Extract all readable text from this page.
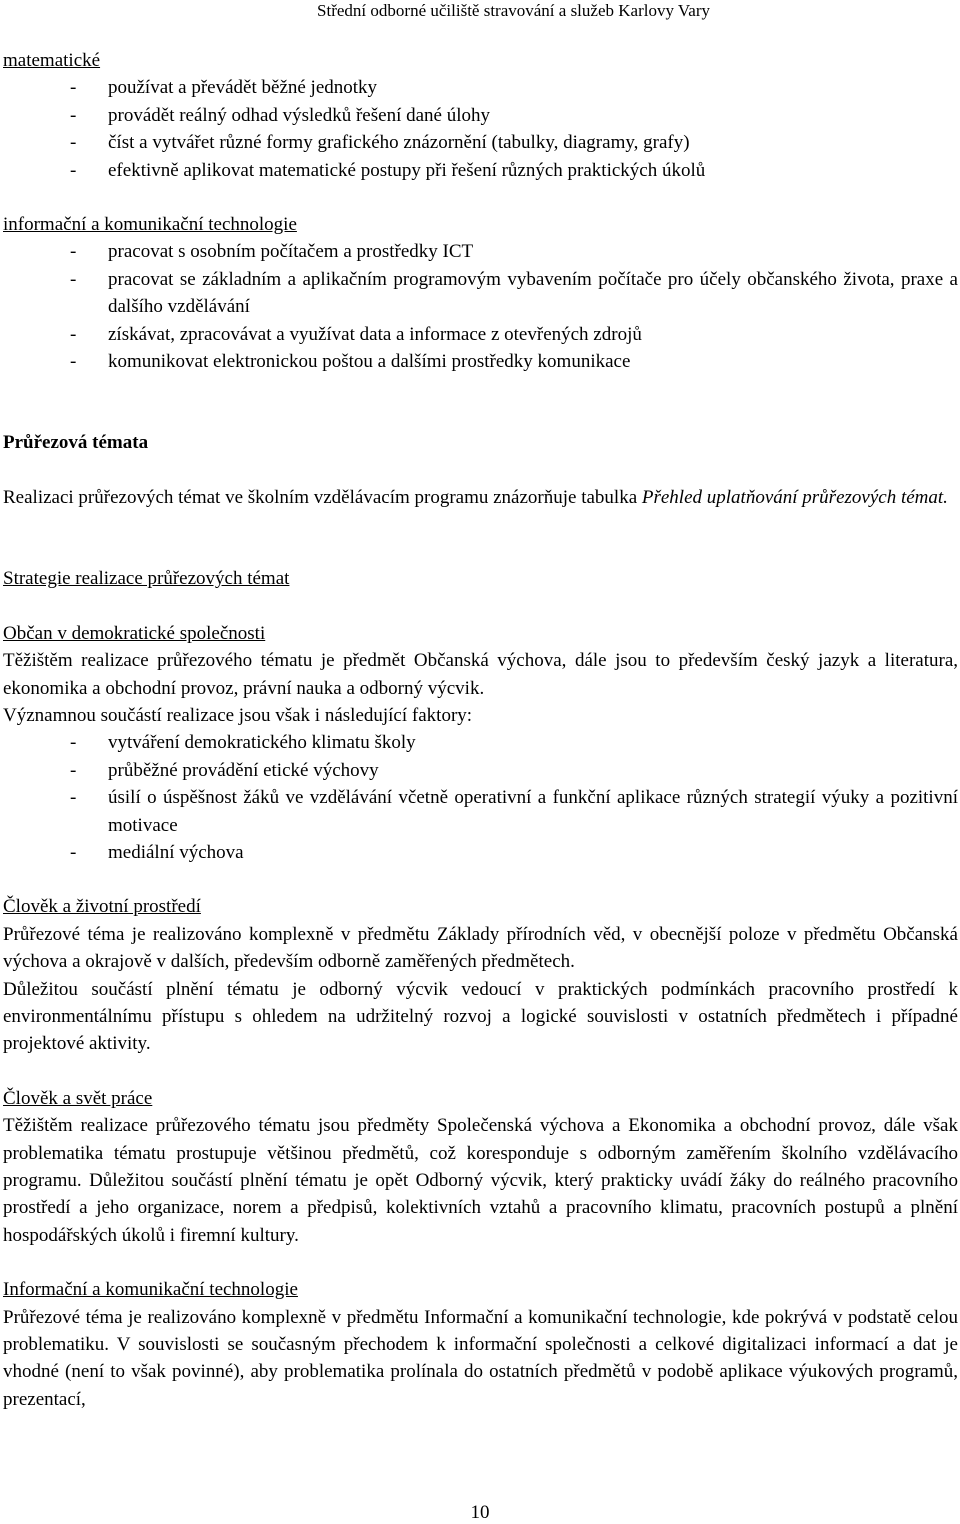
Střední odborné učiliště stravování a služeb Karlovy Vary
matematické
-	používat a převádět běžné jednotky
-	provádět reálný odhad výsledků řešení dané úlohy
-	číst a vytvářet různé formy grafického znázornění (tabulky, diagramy, grafy)
-	efektivně aplikovat matematické postupy při řešení různých praktických úkolů
informační a komunikační technologie
-	pracovat s osobním počítačem a prostředky ICT
-	pracovat se základním a aplikačním programovým vybavením počítače pro účely občanského života, praxe a dalšího vzdělávání
-	získávat, zpracovávat a využívat data a informace z otevřených zdrojů
-	komunikovat elektronickou poštou a dalšími prostředky komunikace
Průřezová témata
Realizaci průřezových témat ve školním vzdělávacím programu znázorňuje tabulka Přehled uplatňování průřezových témat.
Strategie realizace průřezových témat
Občan v demokratické společnosti
Těžištěm realizace průřezového tématu je předmět Občanská výchova, dále jsou to především český jazyk a literatura, ekonomika a obchodní provoz, právní nauka a odborný výcvik.
Významnou součástí realizace jsou však i následující faktory:
-	vytváření demokratického klimatu školy
-	průběžné provádění etické výchovy
-	úsilí o úspěšnost žáků ve vzdělávání včetně operativní a funkční aplikace různých strategií výuky a pozitivní motivace
-	mediální výchova
Člověk a životní prostředí
Průřezové téma je realizováno komplexně v předmětu Základy přírodních věd, v obecnější poloze v předmětu Občanská výchova a okrajově v dalších, především odborně zaměřených předmětech.
Důležitou součástí plnění tématu je odborný výcvik vedoucí v praktických podmínkách pracovního prostředí k environmentálnímu přístupu s ohledem na udržitelný rozvoj a logické souvislosti v ostatních předmětech i případné projektové aktivity.
Člověk a svět práce
Těžištěm realizace průřezového tématu jsou předměty Společenská výchova a Ekonomika a obchodní provoz, dále však problematika tématu prostupuje většinou předmětů, což koresponduje s odborným zaměřením školního vzdělávacího programu. Důležitou součástí plnění tématu je opět Odborný výcvik, který prakticky uvádí žáky do reálného pracovního prostředí a jeho organizace, norem a předpisů, kolektivních vztahů a pracovního klimatu, pracovních postupů a plnění hospodářských úkolů i firemní kultury.
Informační a komunikační technologie
Průřezové téma je realizováno komplexně v předmětu Informační a komunikační technologie, kde pokrývá v podstatě celou problematiku. V souvislosti se současným přechodem k informační společnosti a celkové digitalizaci informací a dat je vhodné (není to však povinné), aby problematika prolínala do ostatních předmětů v podobě aplikace výukových programů, prezentací,
10
